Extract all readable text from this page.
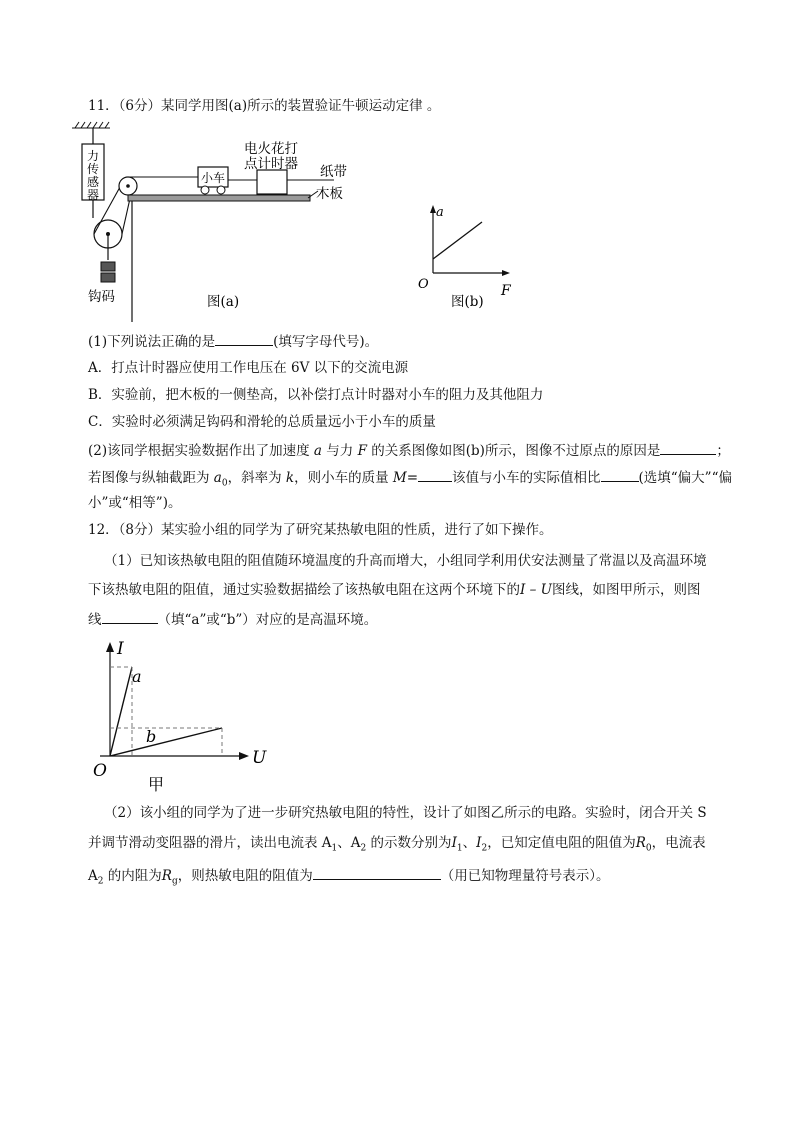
11．（6分）某同学用图(a)所示的装置验证牛顿运动定律 。
力
传
感
器
钩码
小车
电火花打
点计时器 纸带
木板
图(a)
a
F
O
图(b)
(1)下列说法正确的是	(填写字母代号)。
A．打点计时器应使用工作电压在 6V 以下的交流电源
B．实验前，把木板的一侧垫高，以补偿打点计时器对小车的阻力及其他阻力
C．实验时必须满足钩码和滑轮的总质量远小于小车的质量
(2)该同学根据实验数据作出了加速度 a 与力 F 的关系图像如图(b)所示，图像不过原点的原因是	；
若图像与纵轴截距为 $a_0$，斜率为 k，则小车的质量 M=	该值与小车的实际值相比	(选填“偏大”“偏
小”或“相等”)。
12．（8分）某实验小组的同学为了研究某热敏电阻的性质，进行了如下操作。
（1）已知该热敏电阻的阻值随环境温度的升高而增大，小组同学利用伏安法测量了常温以及高温环境
下该热敏电阻的阻值，通过实验数据描绘了该热敏电阻在这两个环境下的I – U图线，如图甲所示，则图
线	（填“a”或“b”）对应的是高温环境。
I
U
O
a
b
甲
（2）该小组的同学为了进一步研究热敏电阻的特性，设计了如图乙所示的电路。实验时，闭合开关 S
并调节滑动变阻器的滑片，读出电流表 $A_1$、$A_2$ 的示数分别为$I_1$、$I_2$，已知定值电阻的阻值为$R_0$，电流表
$A_2$ 的内阻为$R_g$，则热敏电阻的阻值为	（用已知物理量符号表示）。
